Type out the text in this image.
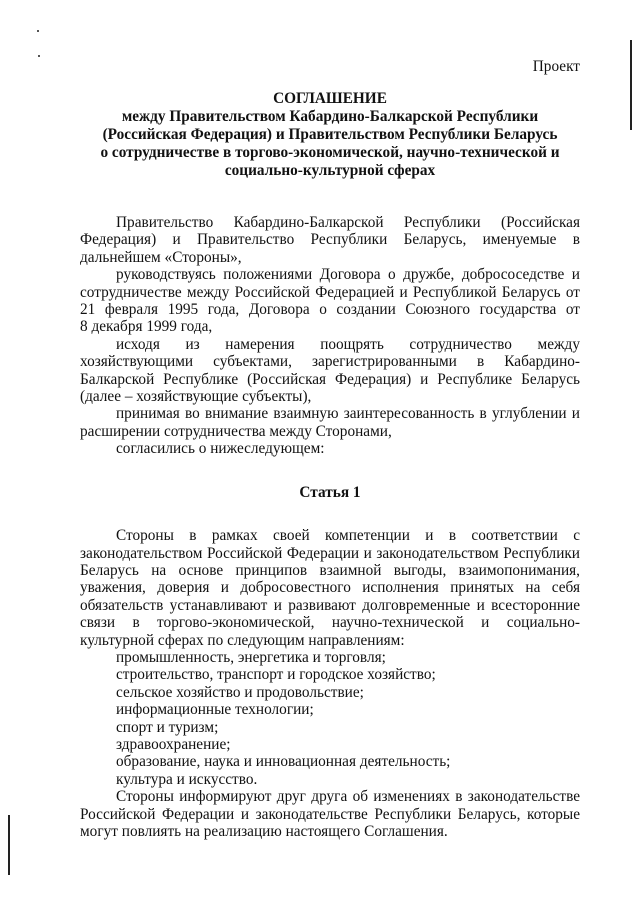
Проект
СОГЛАШЕНИЕ
между Правительством Кабардино-Балкарской Республики
(Российская Федерация) и Правительством Республики Беларусь
о сотрудничестве в торгово-экономической, научно-технической и
социально-культурной сферах
Правительство Кабардино-Балкарской Республики (Российская
Федерация) и Правительство Республики Беларусь, именуемые в
дальнейшем «Стороны»,
руководствуясь положениями Договора о дружбе, добрососедстве и
сотрудничестве между Российской Федерацией и Республикой Беларусь от
21 февраля 1995 года, Договора о создании Союзного государства от
8 декабря 1999 года,
исходя из намерения поощрять сотрудничество между
хозяйствующими субъектами, зарегистрированными в Кабардино-
Балкарской Республике (Российская Федерация) и Республике Беларусь
(далее – хозяйствующие субъекты),
принимая во внимание взаимную заинтересованность в углублении и
расширении сотрудничества между Сторонами,
согласились о нижеследующем:
Статья 1
Стороны в рамках своей компетенции и в соответствии с
законодательством Российской Федерации и законодательством Республики
Беларусь на основе принципов взаимной выгоды, взаимопонимания,
уважения, доверия и добросовестного исполнения принятых на себя
обязательств устанавливают и развивают долговременные и всесторонние
связи в торгово-экономической, научно-технической и социально-
культурной сферах по следующим направлениям:
промышленность, энергетика и торговля;
строительство, транспорт и городское хозяйство;
сельское хозяйство и продовольствие;
информационные технологии;
спорт и туризм;
здравоохранение;
образование, наука и инновационная деятельность;
культура и искусство.
Стороны информируют друг друга об изменениях в законодательстве
Российской Федерации и законодательстве Республики Беларусь, которые
могут повлиять на реализацию настоящего Соглашения.
